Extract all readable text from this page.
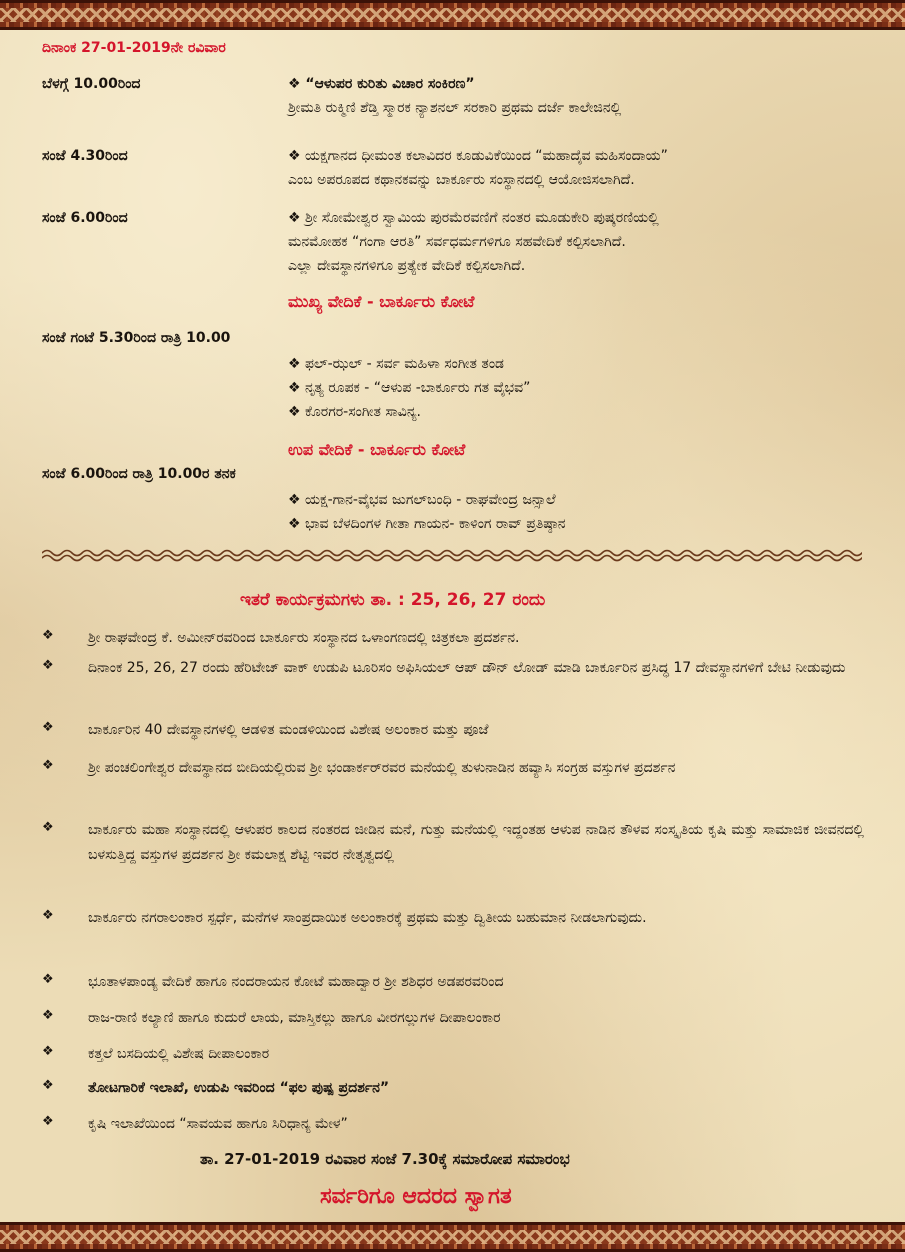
ದಿನಾಂಕ 27-01-2019ನೇ ರವಿವಾರ
ಬೆಳಗ್ಗೆ 10.00ರಿಂದ	❖ “ಆಳುಪರ ಕುರಿತು ವಿಚಾರ ಸಂಕಿರಣ”
ಶ್ರೀಮತಿ ರುಕ್ಮಿಣಿ ಶೆಡ್ತಿ ಸ್ಮಾರಕ ನ್ಯಾಶನಲ್ ಸರಕಾರಿ ಪ್ರಥಮ ದರ್ಜೆ ಕಾಲೇಜಿನಲ್ಲಿ
ಸಂಜೆ 4.30ರಿಂದ	❖ ಯಕ್ಷಗಾನದ ಧೀಮಂತ ಕಲಾವಿದರ ಕೂಡುವಿಕೆಯಿಂದ “ಮಹಾದೈವ ಮಹಿಸಂದಾಯ”
ಎಂಬ ಅಪರೂಪದ ಕಥಾನಕವನ್ನು ಬಾರ್ಕೂರು ಸಂಸ್ಥಾನದಲ್ಲಿ ಆಯೋಜಿಸಲಾಗಿದೆ.
ಸಂಜೆ 6.00ರಿಂದ	❖ ಶ್ರೀ ಸೋಮೇಶ್ವರ ಸ್ವಾಮಿಯ ಪುರಮೆರವಣಿಗೆ ನಂತರ ಮೂಡುಕೇರಿ ಪುಷ್ಕರಣಿಯಲ್ಲಿ
ಮನಮೋಹಕ “ಗಂಗಾ ಆರತಿ” ಸರ್ವಧರ್ಮಗಳಿಗೂ ಸಹವೇದಿಕೆ ಕಲ್ಪಿಸಲಾಗಿದೆ.
ಎಲ್ಲಾ ದೇವಸ್ಥಾನಗಳಿಗೂ ಪ್ರತ್ಯೇಕ ವೇದಿಕೆ ಕಲ್ಪಿಸಲಾಗಿದೆ.
ಮುಖ್ಯ ವೇದಿಕೆ - ಬಾರ್ಕೂರು ಕೋಟೆ
ಸಂಜೆ ಗಂಟೆ 5.30ರಿಂದ ರಾತ್ರಿ 10.00
❖ ಫಲ್-ಝಲ್ - ಸರ್ವ ಮಹಿಳಾ ಸಂಗೀತ ತಂಡ
❖ ನೃತ್ಯ ರೂಪಕ - “ಆಳುಪ -ಬಾರ್ಕೂರು ಗತ ವೈಭವ”
❖ ಕೊರಗರ-ಸಂಗೀತ ಸಾವಿನ್ಯ.
ಉಪ ವೇದಿಕೆ - ಬಾರ್ಕೂರು ಕೋಟೆ
ಸಂಜೆ 6.00ರಿಂದ ರಾತ್ರಿ 10.00ರ ತನಕ
❖ ಯಕ್ಷ-ಗಾನ-ವೈಭವ ಜುಗಲ್‌ಬಂಧಿ - ರಾಘವೇಂದ್ರ ಜನ್ಸಾಲೆ
❖ ಭಾವ ಬೆಳದಿಂಗಳ ಗೀತಾ ಗಾಯನ- ಕಾಳಿಂಗ ರಾವ್ ಪ್ರತಿಷ್ಠಾನ
ಇತರೆ ಕಾರ್ಯಕ್ರಮಗಳು ತಾ. : 25, 26, 27 ರಂದು
❖ ಶ್ರೀ ರಾಘವೇಂದ್ರ ಕೆ. ಅಮೀನ್‌ರವರಿಂದ ಬಾರ್ಕೂರು ಸಂಸ್ಥಾನದ ಒಳಾಂಗಣದಲ್ಲಿ ಚಿತ್ರಕಲಾ ಪ್ರದರ್ಶನ.
❖ ದಿನಾಂಕ 25, 26, 27 ರಂದು ಹೆರಿಟೇಜ್ ವಾಕ್ ಉಡುಪಿ ಟೂರಿಸಂ ಅಫಿಸಿಯಲ್ ಆಪ್ ಡೌನ್ ಲೋಡ್ ಮಾಡಿ ಬಾರ್ಕೂರಿನ ಪ್ರಸಿದ್ಧ 17 ದೇವಸ್ಥಾನಗಳಿಗೆ ಬೇಟಿ ನೀಡುವುದು
❖ ಬಾರ್ಕೂರಿನ 40 ದೇವಸ್ಥಾನಗಳಲ್ಲಿ ಆಡಳಿತ ಮಂಡಳಿಯಿಂದ ವಿಶೇಷ ಅಲಂಕಾರ ಮತ್ತು ಪೂಜೆ
❖ ಶ್ರೀ ಪಂಚಲಿಂಗೇಶ್ವರ ದೇವಸ್ಥಾನದ ಬೀದಿಯಲ್ಲಿರುವ ಶ್ರೀ ಭಂಡಾರ್ಕರ್‌ರವರ ಮನೆಯಲ್ಲಿ ತುಳುನಾಡಿನ ಹವ್ಯಾಸಿ ಸಂಗ್ರಹ ವಸ್ತುಗಳ ಪ್ರದರ್ಶನ
❖ ಬಾರ್ಕೂರು ಮಹಾ ಸಂಸ್ಥಾನದಲ್ಲಿ ಆಳುಪರ ಕಾಲದ ನಂತರದ ಜೀಡಿನ ಮನೆ, ಗುತ್ತು ಮನೆಯಲ್ಲಿ ಇದ್ದಂತಹ ಆಳುಪ ನಾಡಿನ ತೌಳವ ಸಂಸ್ಕೃತಿಯ ಕೃಷಿ ಮತ್ತು ಸಾಮಾಜಿಕ ಜೀವನದಲ್ಲಿ ಬಳಸುತ್ತಿದ್ದ ವಸ್ತುಗಳ ಪ್ರದರ್ಶನ ಶ್ರೀ ಕಮಲಾಕ್ಷ ಶೆಟ್ಟಿ ಇವರ ನೇತೃತ್ವದಲ್ಲಿ
❖ ಬಾರ್ಕೂರು ನಗರಾಲಂಕಾರ ಸ್ಪರ್ಧೆ, ಮನೆಗಳ ಸಾಂಪ್ರದಾಯಿಕ ಅಲಂಕಾರಕ್ಕೆ ಪ್ರಥಮ ಮತ್ತು ದ್ವಿತೀಯ ಬಹುಮಾನ ನೀಡಲಾಗುವುದು.
❖ ಭೂತಾಳಪಾಂಡ್ಯ ವೇದಿಕೆ ಹಾಗೂ ನಂದರಾಯನ ಕೋಟೆ ಮಹಾದ್ವಾರ ಶ್ರೀ ಶಶಿಧರ ಅಡಪರವರಿಂದ
❖ ರಾಜ-ರಾಣಿ ಕಲ್ಯಾಣಿ ಹಾಗೂ ಕುದುರೆ ಲಾಯ, ಮಾಸ್ತಿಕಲ್ಲು ಹಾಗೂ ವೀರಗಲ್ಲುಗಳ ದೀಪಾಲಂಕಾರ
❖ ಕತ್ತಲೆ ಬಸದಿಯಲ್ಲಿ ವಿಶೇಷ ದೀಪಾಲಂಕಾರ
❖ ತೋಟಗಾರಿಕೆ ಇಲಾಖೆ, ಉಡುಪಿ ಇವರಿಂದ “ಫಲ ಪುಷ್ಪ ಪ್ರದರ್ಶನ”
❖ ಕೃಷಿ ಇಲಾಖೆಯಿಂದ “ಸಾವಯವ ಹಾಗೂ ಸಿರಿಧಾನ್ಯ ಮೇಳ”
ತಾ. 27-01-2019 ರವಿವಾರ ಸಂಜೆ 7.30ಕ್ಕೆ ಸಮಾರೋಪ ಸಮಾರಂಭ
ಸರ್ವರಿಗೂ ಆದರದ ಸ್ವಾಗತ
